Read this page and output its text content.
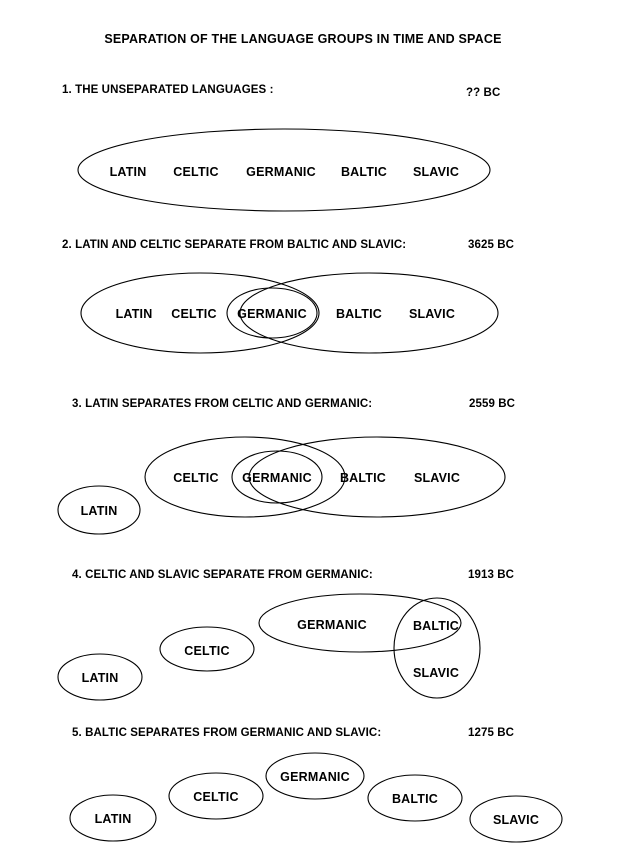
SEPARATION OF THE LANGUAGE GROUPS IN TIME AND SPACE
1. THE UNSEPARATED LANGUAGES :	?? BC
LATIN CELTIC GERMANIC BALTIC SLAVIC
2. LATIN AND CELTIC SEPARATE FROM BALTIC AND SLAVIC:	3625 BC
LATIN CELTIC GERMANIC BALTIC SLAVIC
3. LATIN SEPARATES FROM CELTIC AND GERMANIC:	2559 BC
CELTIC GERMANIC BALTIC SLAVIC
LATIN
4. CELTIC AND SLAVIC SEPARATE FROM GERMANIC:	1913 BC
GERMANIC	BALTIC
SLAVIC
CELTIC
LATIN
5. BALTIC SEPARATES FROM GERMANIC AND SLAVIC:	1275 BC
LATIN
CELTIC
GERMANIC
BALTIC
SLAVIC
